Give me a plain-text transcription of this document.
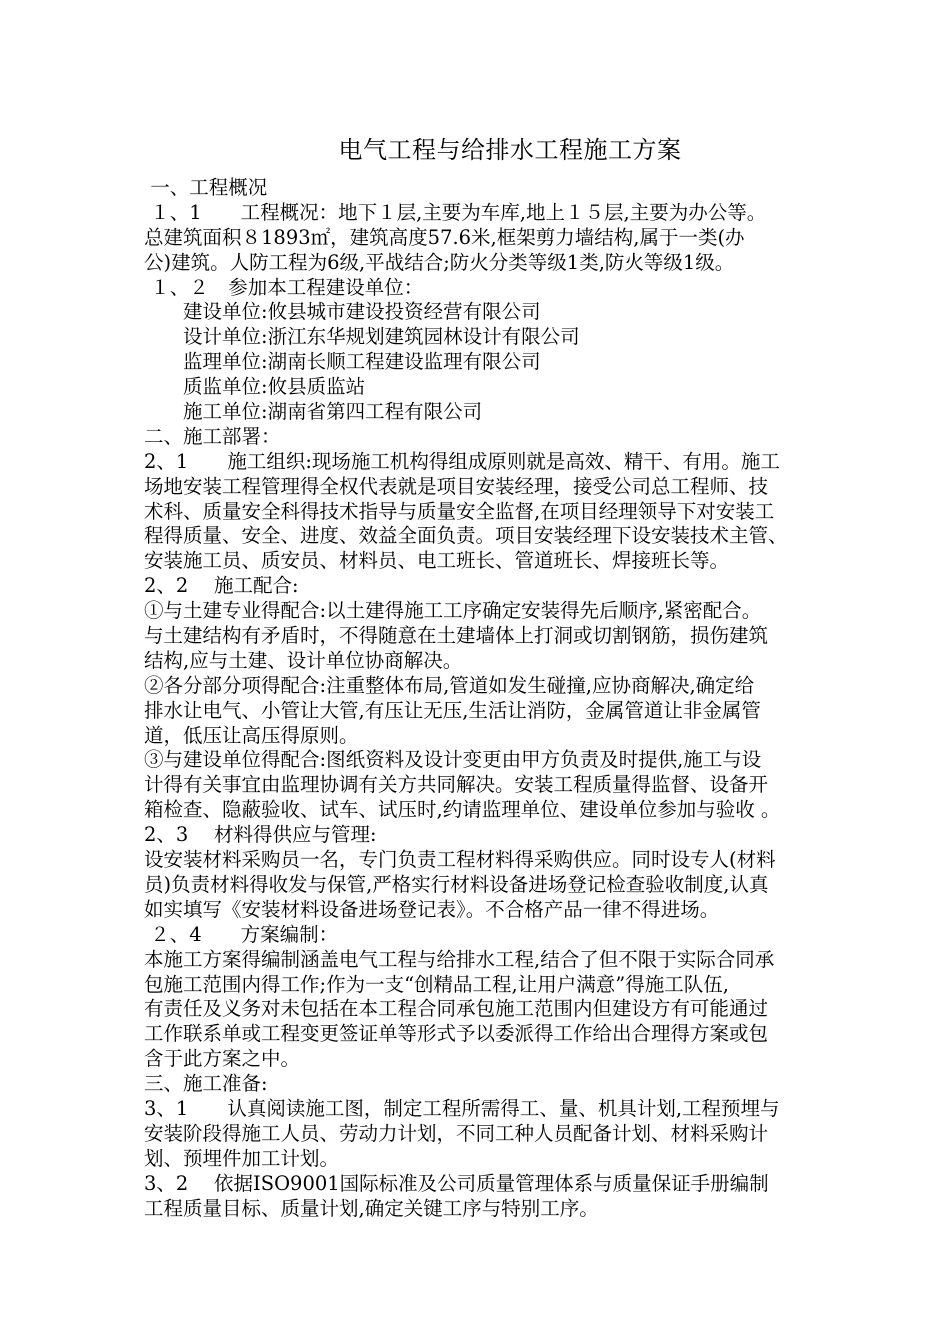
电气工程与给排水工程施工方案
一、工程概况
１、1　　工程概况：地下１层,主要为车库,地上１５层,主要为办公等。
总建筑面积８1893㎡，建筑高度57.6米,框架剪力墙结构,属于一类(办
公)建筑。人防工程为6级,平战结合;防火分类等级1类,防火等级1级。
１、２　参加本工程建设单位：
　　建设单位:攸县城市建设投资经营有限公司
　　设计单位:浙江东华规划建筑园林设计有限公司
　　监理单位:湖南长顺工程建设监理有限公司
　　质监单位:攸县质监站
　　施工单位:湖南省第四工程有限公司
二、施工部署：
2、1　　施工组织:现场施工机构得组成原则就是高效、精干、有用。施工
场地安装工程管理得全权代表就是项目安装经理，接受公司总工程师、技
术科、质量安全科得技术指导与质量安全监督,在项目经理领导下对安装工
程得质量、安全、进度、效益全面负责。项目安装经理下设安装技术主管、
安装施工员、质安员、材料员、电工班长、管道班长、焊接班长等。
2、2　 施工配合:
①与土建专业得配合:以土建得施工工序确定安装得先后顺序,紧密配合。
与土建结构有矛盾时，不得随意在土建墙体上打洞或切割钢筋，损伤建筑
结构,应与土建、设计单位协商解决。
②各分部分项得配合:注重整体布局,管道如发生碰撞,应协商解决,确定给
排水让电气、小管让大管,有压让无压,生活让消防，金属管道让非金属管
道，低压让高压得原则。
③与建设单位得配合:图纸资料及设计变更由甲方负责及时提供,施工与设
计得有关事宜由监理协调有关方共同解决。安装工程质量得监督、设备开
箱检查、隐蔽验收、试车、试压时,约请监理单位、建设单位参加与验收 。
2、3　 材料得供应与管理:
设安装材料采购员一名，专门负责工程材料得采购供应。同时设专人(材料
员)负责材料得收发与保管,严格实行材料设备进场登记检查验收制度,认真
如实填写《安装材料设备进场登记表》。不合格产品一律不得进场。
２、4　　方案编制：
本施工方案得编制涵盖电气工程与给排水工程,结合了但不限于实际合同承
包施工范围内得工作;作为一支“创精品工程,让用户满意”得施工队伍,
有责任及义务对未包括在本工程合同承包施工范围内但建设方有可能通过
工作联系单或工程变更签证单等形式予以委派得工作给出合理得方案或包
含于此方案之中。
三、施工准备:
3、1　　认真阅读施工图，制定工程所需得工、量、机具计划,工程预埋与
安装阶段得施工人员、劳动力计划，不同工种人员配备计划、材料采购计
划、预埋件加工计划。
3、2　 依据ISO9001国际标准及公司质量管理体系与质量保证手册编制
工程质量目标、质量计划,确定关键工序与特别工序。
